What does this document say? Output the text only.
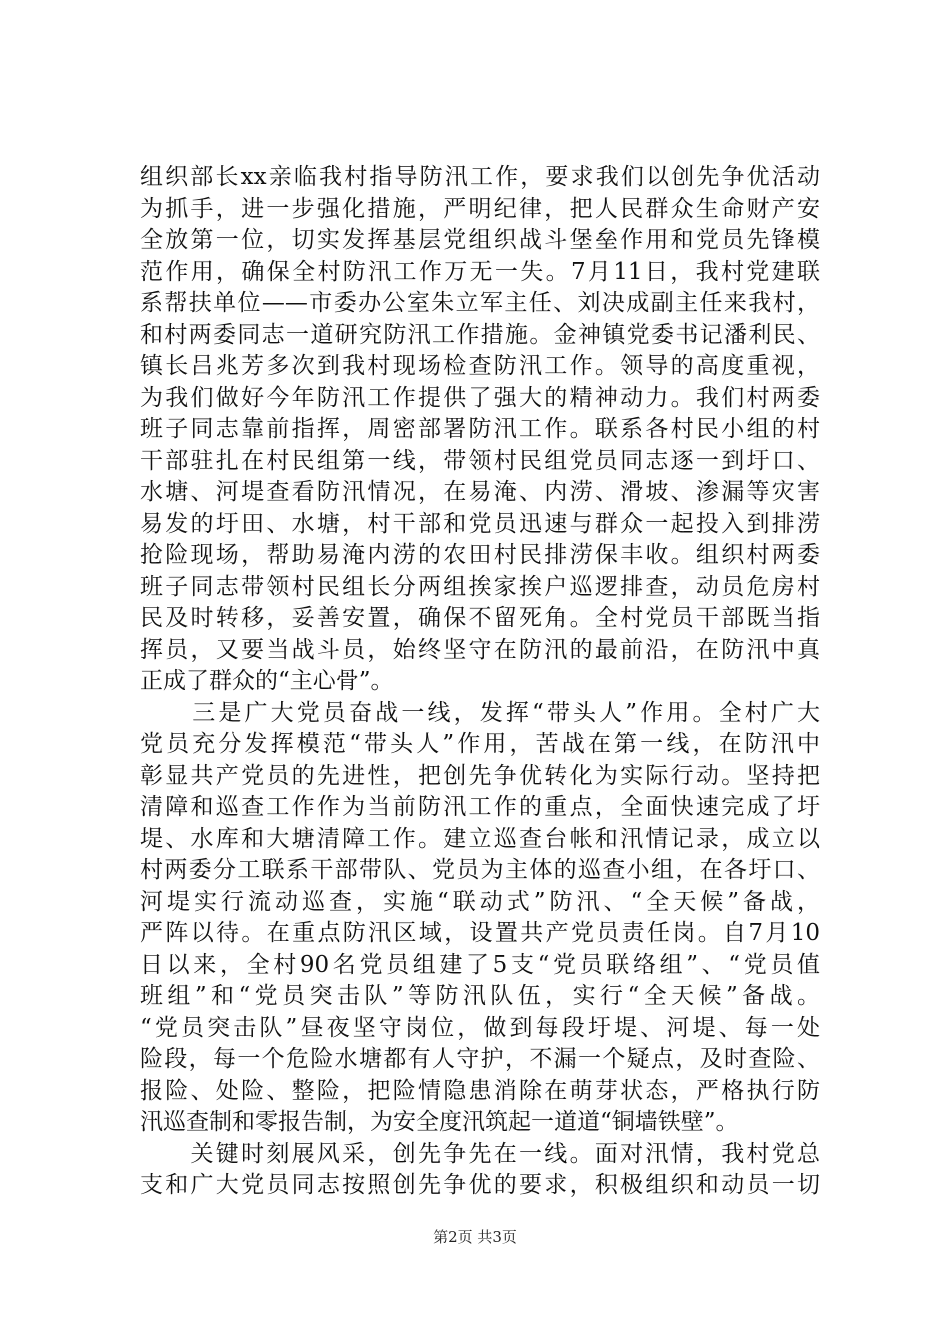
组织部长xx亲临我村指导防汛工作，要求我们以创先争优活动
为抓手，进一步强化措施，严明纪律，把人民群众生命财产安
全放第一位，切实发挥基层党组织战斗堡垒作用和党员先锋模
范作用，确保全村防汛工作万无一失。7月11日，我村党建联
系帮扶单位——市委办公室朱立军主任、刘决成副主任来我村，
和村两委同志一道研究防汛工作措施。金神镇党委书记潘利民、
镇长吕兆芳多次到我村现场检查防汛工作。领导的高度重视，
为我们做好今年防汛工作提供了强大的精神动力。我们村两委
班子同志靠前指挥，周密部署防汛工作。联系各村民小组的村
干部驻扎在村民组第一线，带领村民组党员同志逐一到圩口、
水塘、河堤查看防汛情况，在易淹、内涝、滑坡、渗漏等灾害
易发的圩田、水塘，村干部和党员迅速与群众一起投入到排涝
抢险现场，帮助易淹内涝的农田村民排涝保丰收。组织村两委
班子同志带领村民组长分两组挨家挨户巡逻排查，动员危房村
民及时转移，妥善安置，确保不留死角。全村党员干部既当指
挥员，又要当战斗员，始终坚守在防汛的最前沿，在防汛中真
正成了群众的“主心骨”。
　　三是广大党员奋战一线，发挥“带头人”作用。全村广大
党员充分发挥模范“带头人”作用，苦战在第一线，在防汛中
彰显共产党员的先进性，把创先争优转化为实际行动。坚持把
清障和巡查工作作为当前防汛工作的重点，全面快速完成了圩
堤、水库和大塘清障工作。建立巡查台帐和汛情记录，成立以
村两委分工联系干部带队、党员为主体的巡查小组，在各圩口、
河堤实行流动巡查，实施“联动式”防汛、“全天候”备战，
严阵以待。在重点防汛区域，设置共产党员责任岗。自7月10
日以来，全村90名党员组建了5支“党员联络组”、“党员值
班组”和“党员突击队”等防汛队伍，实行“全天候”备战。
“党员突击队”昼夜坚守岗位，做到每段圩堤、河堤、每一处
险段，每一个危险水塘都有人守护，不漏一个疑点，及时查险、
报险、处险、整险，把险情隐患消除在萌芽状态，严格执行防
汛巡查制和零报告制，为安全度汛筑起一道道“铜墙铁壁”。
　　关键时刻展风采，创先争先在一线。面对汛情，我村党总
支和广大党员同志按照创先争优的要求，积极组织和动员一切
第2页 共3页
